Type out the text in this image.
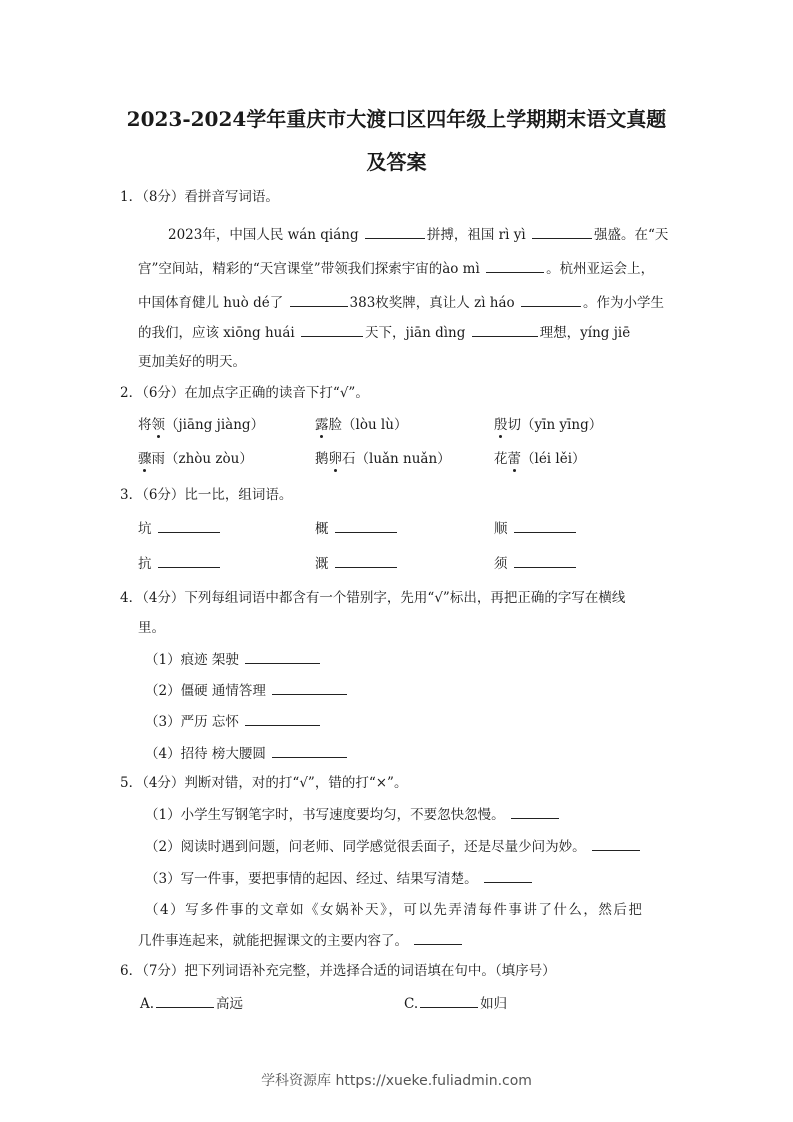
2023-2024学年重庆市大渡口区四年级上学期期末语文真题
及答案
1．（8分）看拼音写词语。
2023年，中国人民 wán qiáng	拼搏，祖国 rì yì	强盛。在“天
宫”空间站，精彩的“天宫课堂”带领我们探索宇宙的ào mì	。杭州亚运会上，
中国体育健儿 huò dé了	383枚奖牌，真让人 zì háo	。作为小学生
的我们，应该 xiōng huái	天下，jiān dìng	理想，yíng jiē
更加美好的明天。
2．（6分）在加点字正确的读音下打“√”。
将领（jiāng jiàng）	露脸（lòu lù）	殷切（yīn yīng）
骤雨（zhòu zòu）	鹅卵石（luǎn nuǎn）	花蕾（léi lěi）
3．（6分）比一比，组词语。
坑	概	顺
抗	溉	须
4．（4分）下列每组词语中都含有一个错别字，先用“√”标出，再把正确的字写在横线
里。
（1）痕迹 架驶
（2）僵硬 通情答理
（3）严历 忘怀
（4）招待 榜大腰圆
5．（4分）判断对错，对的打“√”，错的打“×”。
（1）小学生写钢笔字时，书写速度要均匀，不要忽快忽慢。
（2）阅读时遇到问题，问老师、同学感觉很丢面子，还是尽量少问为妙。
（3）写一件事，要把事情的起因、经过、结果写清楚。
（4）写多件事的文章如《女娲补天》，可以先弄清每件事讲了什么，然后把
几件事连起来，就能把握课文的主要内容了。
6．（7分）把下列词语补充完整，并选择合适的词语填在句中。（填序号）
A.	高远	C.	如归
学科资源库 https://xueke.fuliadmin.com
